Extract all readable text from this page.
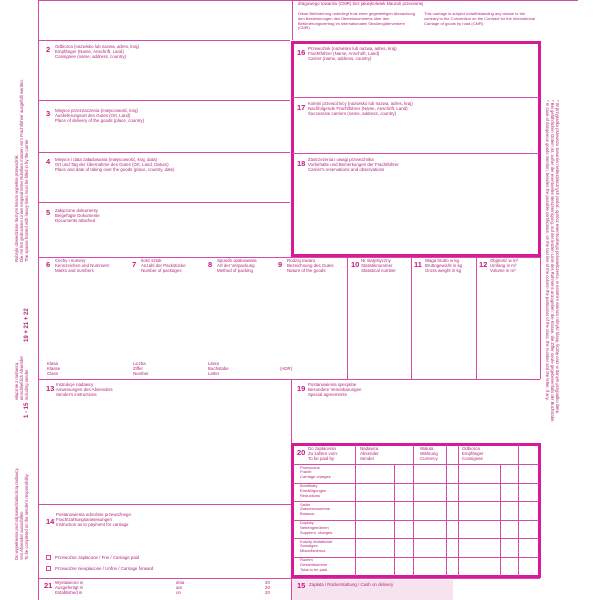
dragowego towarów (CMR) bez jakiejkolwiek klauzuli przeciwnej
Diese Beförderung unterliegt trotz einer gegenteiligen Abmachung den Bestimmungen des Übereinkommens über den Beförderungsvertrag im internationalen Straßengüterverkehr (CMR)
This carriage is subject notwithstanding any clause to the contrary to the Convention on the Contract for the International Carriage of goods by road (CMR)
2 Odbiorca (nazwisko lub nazwa, adres, kraj)
Empfänger (Name, Anschrift, Land)
Consignee (name, address, country)
3 Miejsce przeznaczenia (miejscowość, kraj)
Auslieferungsort des Gutes (Ort, Land)
Place of delivery of the goods (place, country)
4 Miejsce i data załadowania (miejscowość, kraj, data)
Ort und Tag der Übernahme des Gutes (Ort, Land, Datum)
Place and date of taking over the goods (place, country, date)
5 Załączone dokumenty
Beigefügte Dokumente
Documents attached
16 Przewoźnik (nazwisko lub nazwa, adres, kraj)
Frachtführer (Name, Anschrift, Land)
Carrier (name, address, country)
17 Kolejni przewoźnicy (nazwisko lub nazwa, adres, kraj)
Nachfolgende Frachtführer (Name, Anschrift, Land)
Successive carriers (name, address, country)
18 Zastrzeżenia i uwagi przewoźnika
Vorbehalte und Bemerkungen der Frachtführer
Carrier's reservations and observations
6 Cechy i numery
Kennzeichen und Nummern
Marks and numbers
7 Ilość sztuk
Anzahl der Packstücke
Number of packages
8 Sposób opakowania
Art der Verpackung
Method of packing
9 Rodzaj towaru
Bezeichnung des Gutes
Nature of the goods
10 Nr statystyczny
Statistiknummer
Statistical number
11 Waga brutto w kg
Bruttogewicht in kg
Gross weight in kg
12 Objętość w m³
Umfang in m³
Volume in m³
Klasa
Klasse
Class
Liczba
Ziffer
Number
Litera
Buchstabe
Letter
(ADR)
13 Instrukcje nadawcy
Anweisungen des Absenders
Sender's instructions
19 Postanowienia specjalne
Besondere Vereinbarungen
Special agreements
20 Do zapłacenia
Zu zahlen vom:
To be paid by
Nadawca
Absender
Sender
Waluta
Währung
Currency
Odbiorca
Empfänger
Consignee
Przewoźne
Fracht
Carriage charges
Bonifikaty
Ermäßigungen
Reductions
Saldo
Zwischensumme
Balance
Dopłaty
Nebengebühren
Supplem. charges
Koszty dodatkowe
Sonstiges
Miscellaneous
Razem
Gesamtsumme
Total to be paid
14
Postanowienia odnośnie przewoźnego
Frachtzahlungsanweisungen
Instruction as to payment for carriage
Przewoźne zapłacone / Frei / Carriage paid
Przewoźne nieopłacone / Unfrei / Carriage forward
21 Wystawiono w
Ausgefertigt in
Established in
dnia
am
on
20
20
20
15 Zapłata / Rückerstattung / Cash on delivery
Rubryki obwiedzione tłustymi liniami wypełnia przewoźnik.
Die mit fett gedruckten Linien eingerahmten Rubriken müssen vom Frachtführer ausgefüllt werden.
The spaces framed with heavy lines must be filled in by the carrier
1 - 15
19 + 21 + 22
włącznie z nadawcą
einschließlich Absender
including sender
Do wypełnienia pod odpowiedzialnością nadawcy
Von Absender auszufüllen
To be completed on the sender's responsibility
* W przypadku przewozu towarów niebezpiecznych podać, oprócz ewentualnego poświadczenia, w ostatnim wierszu rubryki: klasę, liczbę oraz w danym przypadku literę.
* Bei gefährlichen Gütern ist, außer der eventuellen Bescheinigung, auf der letzten Linie des Rahmens anzugeben: die Klasse, die Ziffer sowie gegebenenfalls der Buchstabe.
* In case of dangerous goods mention, besides the possible certification, on the last line of the column the particulars of the class, the number and the letter, if any.
